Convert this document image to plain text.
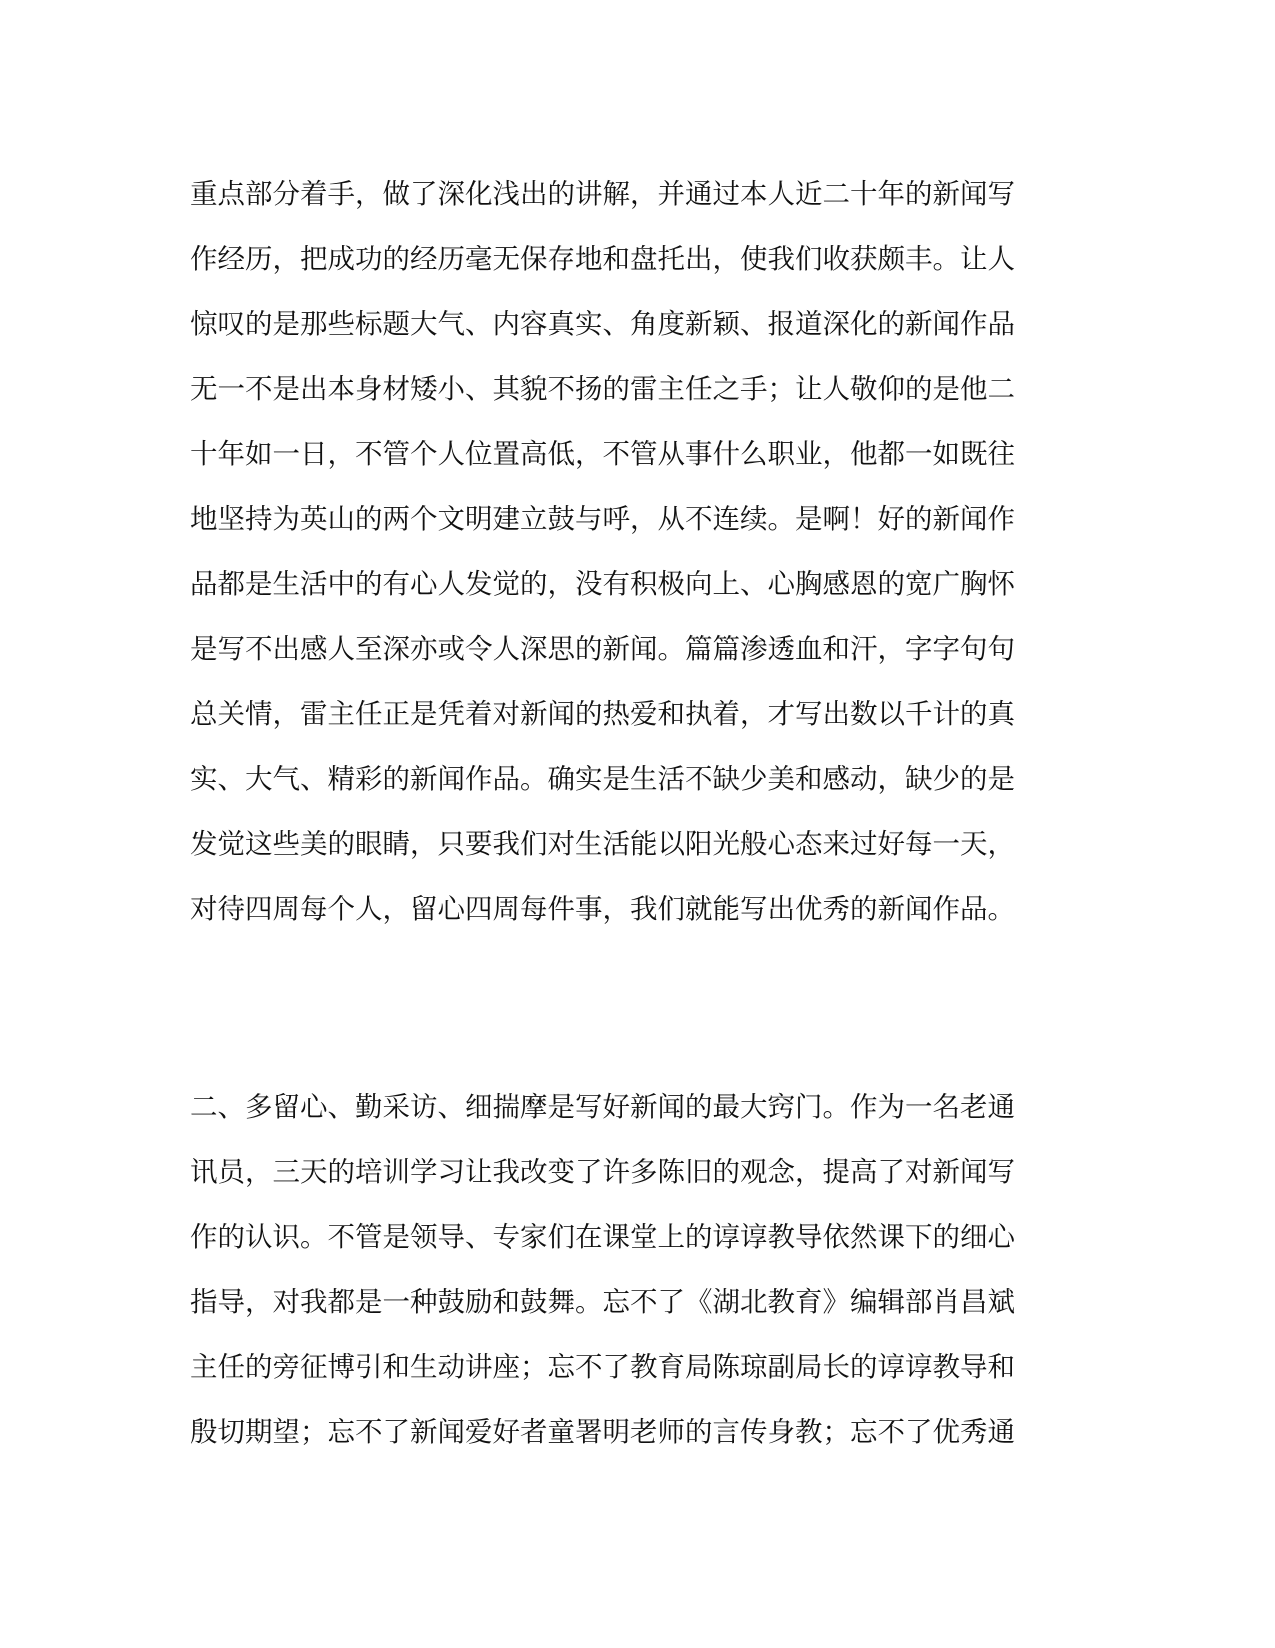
重点部分着手，做了深化浅出的讲解，并通过本人近二十年的新闻写
作经历，把成功的经历毫无保存地和盘托出，使我们收获颇丰。让人
惊叹的是那些标题大气、内容真实、角度新颖、报道深化的新闻作品
无一不是出本身材矮小、其貌不扬的雷主任之手；让人敬仰的是他二
十年如一日，不管个人位置高低，不管从事什么职业，他都一如既往
地坚持为英山的两个文明建立鼓与呼，从不连续。是啊！好的新闻作
品都是生活中的有心人发觉的，没有积极向上、心胸感恩的宽广胸怀
是写不出感人至深亦或令人深思的新闻。篇篇渗透血和汗，字字句句
总关情，雷主任正是凭着对新闻的热爱和执着，才写出数以千计的真
实、大气、精彩的新闻作品。确实是生活不缺少美和感动，缺少的是
发觉这些美的眼睛，只要我们对生活能以阳光般心态来过好每一天，
对待四周每个人，留心四周每件事，我们就能写出优秀的新闻作品。
二、多留心、勤采访、细揣摩是写好新闻的最大窍门。作为一名老通
讯员，三天的培训学习让我改变了许多陈旧的观念，提高了对新闻写
作的认识。不管是领导、专家们在课堂上的谆谆教导依然课下的细心
指导，对我都是一种鼓励和鼓舞。忘不了《湖北教育》编辑部肖昌斌
主任的旁征博引和生动讲座；忘不了教育局陈琼副局长的谆谆教导和
殷切期望；忘不了新闻爱好者童署明老师的言传身教；忘不了优秀通
